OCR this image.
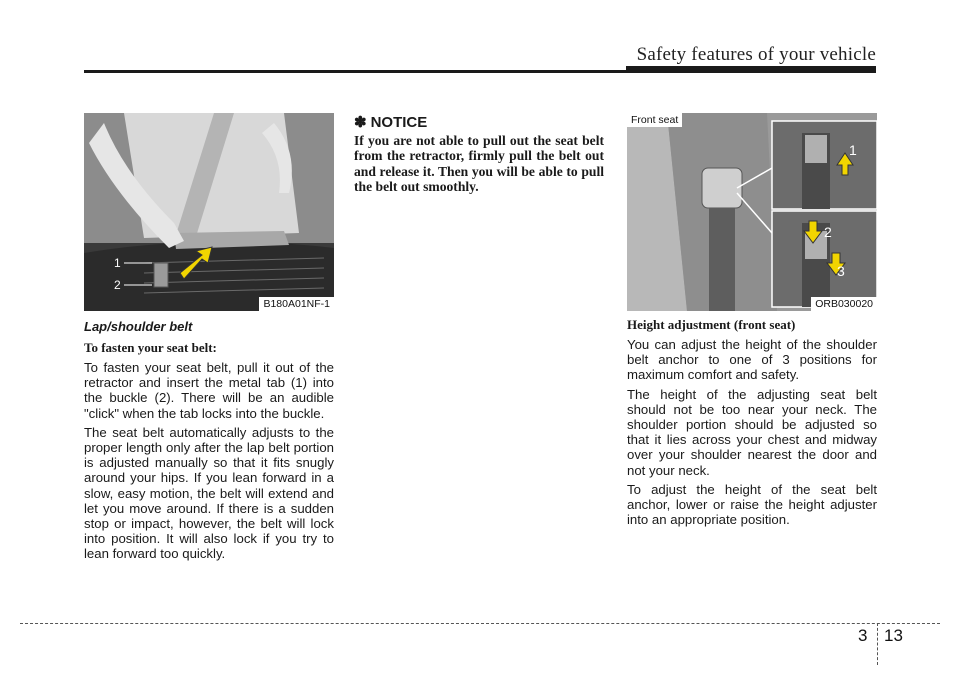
Safety features of your vehicle
1
2
B180A01NF-1
Lap/shoulder belt
To fasten your seat belt:
To fasten your seat belt, pull it out of the retractor and insert the metal tab (1) into the buckle (2). There will be an audible "click" when the tab locks into the buckle.
The seat belt automatically adjusts to the proper length only after the lap belt portion is adjusted manually so that it fits snugly around your hips. If you lean forward in a slow, easy motion, the belt will extend and let you move around. If there is a sudden stop or impact, however, the belt will lock into position. It will also lock if you try to lean forward too quickly.
✽ NOTICE
If you are not able to pull out the seat belt from the retractor, firmly pull the belt out and release it. Then you will be able to pull the belt out smoothly.
1
2
3
Front seat
ORB030020
Height adjustment (front seat)
You can adjust the height of the shoulder belt anchor to one of 3 positions for maximum comfort and safety.
The height of the adjusting seat belt should not be too near your neck. The shoulder portion should be adjusted so that it lies across your chest and midway over your shoulder nearest the door and not your neck.
To adjust the height of the seat belt anchor, lower or raise the height adjuster into an appropriate position.
3 13
